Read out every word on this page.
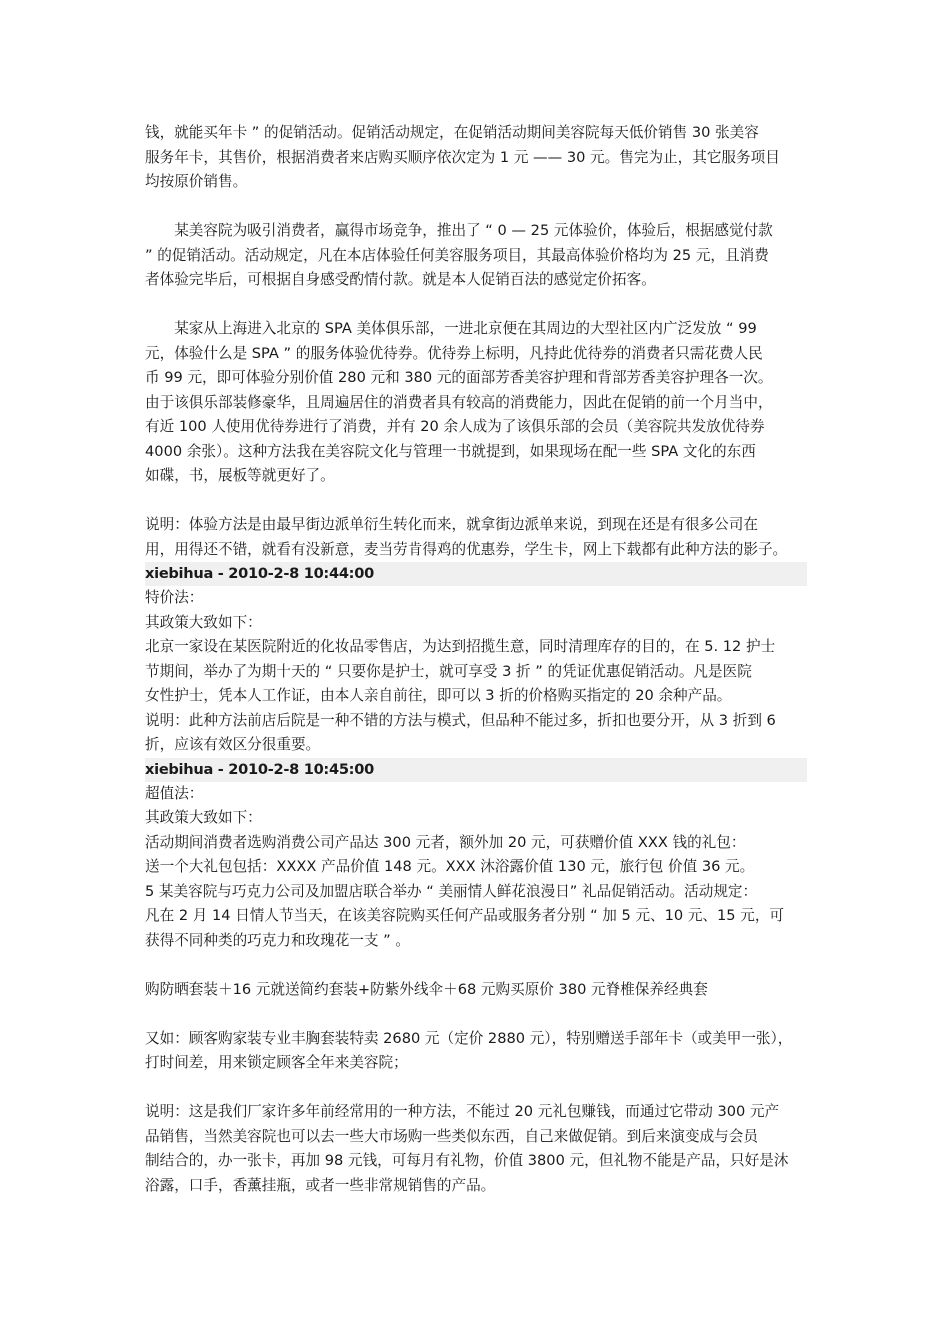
钱，就能买年卡 ” 的促销活动。促销活动规定，在促销活动期间美容院每天低价销售 30 张美容
服务年卡，其售价，根据消费者来店购买顺序依次定为 1 元 —— 30 元。售完为止，其它服务项目
均按原价销售。
　　某美容院为吸引消费者，赢得市场竞争，推出了 “ 0 — 25 元体验价，体验后，根据感觉付款
” 的促销活动。活动规定，凡在本店体验任何美容服务项目，其最高体验价格均为 25 元，且消费
者体验完毕后，可根据自身感受酌情付款。就是本人促销百法的感觉定价拓客。
　　某家从上海进入北京的 SPA 美体俱乐部，一进北京便在其周边的大型社区内广泛发放 “ 99
元，体验什么是 SPA ” 的服务体验优待券。优待券上标明，凡持此优待券的消费者只需花费人民
币 99 元，即可体验分别价值 280 元和 380 元的面部芳香美容护理和背部芳香美容护理各一次。
由于该俱乐部装修豪华，且周遍居住的消费者具有较高的消费能力，因此在促销的前一个月当中，
有近 100 人使用优待券进行了消费，并有 20 余人成为了该俱乐部的会员（美容院共发放优待券
4000 余张）。这种方法我在美容院文化与管理一书就提到，如果现场在配一些 SPA 文化的东西
如碟，书，展板等就更好了。
说明：体验方法是由最早街边派单衍生转化而来，就拿街边派单来说，到现在还是有很多公司在
用，用得还不错，就看有没新意，麦当劳肯得鸡的优惠券，学生卡，网上下载都有此种方法的影子。
xiebihua - 2010-2-8 10:44:00
特价法：
其政策大致如下：
北京一家设在某医院附近的化妆品零售店，为达到招揽生意，同时清理库存的目的，在 5. 12 护士
节期间，举办了为期十天的 “ 只要你是护士，就可享受 3 折 ” 的凭证优惠促销活动。凡是医院
女性护士，凭本人工作证，由本人亲自前往，即可以 3 折的价格购买指定的 20 余种产品。
说明：此种方法前店后院是一种不错的方法与模式，但品种不能过多，折扣也要分开，从 3 折到 6
折，应该有效区分很重要。
xiebihua - 2010-2-8 10:45:00
超值法：
其政策大致如下：
活动期间消费者选购消费公司产品达 300 元者，额外加 20 元，可获赠价值 XXX 钱的礼包：
送一个大礼包包括：XXXX 产品价值 148 元。XXX 沐浴露价值 130 元，旅行包 价值 36 元。
5 某美容院与巧克力公司及加盟店联合举办 “ 美丽情人鲜花浪漫日” 礼品促销活动。活动规定：
凡在 2 月 14 日情人节当天，在该美容院购买任何产品或服务者分别 “ 加 5 元、10 元、15 元，可
获得不同种类的巧克力和玫瑰花一支 ” 。
购防晒套装＋16 元就送简约套装+防紫外线伞＋68 元购买原价 380 元脊椎保养经典套
又如：顾客购家装专业丰胸套装特卖 2680 元（定价 2880 元），特别赠送手部年卡（或美甲一张），
打时间差，用来锁定顾客全年来美容院；
说明：这是我们厂家许多年前经常用的一种方法，不能过 20 元礼包赚钱，而通过它带动 300 元产
品销售，当然美容院也可以去一些大市场购一些类似东西，自己来做促销。到后来演变成与会员
制结合的，办一张卡，再加 98 元钱，可每月有礼物，价值 3800 元，但礼物不能是产品，只好是沐
浴露，口手，香薰挂瓶，或者一些非常规销售的产品。
